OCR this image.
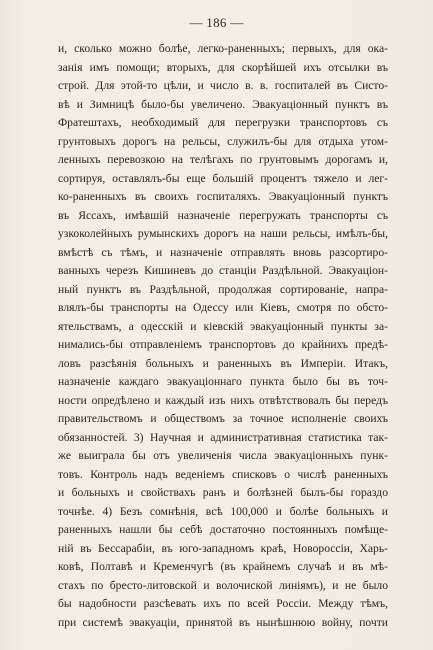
— 186 —
и, сколько можно болѣе, легко-раненныхъ; первыхъ, для ока-
занія имъ помощи; вторыхъ, для скорѣйшей ихъ отсылки въ
строй. Для этой-то цѣли, и число в. в. госпиталей въ Систо-
вѣ и Зимницѣ было-бы увеличено. Эвакуаціонный пунктъ въ
Фратештахъ, необходимый для перегрузки транспортовъ съ
грунтовыхъ дорогъ на рельсы, служилъ-бы для отдыха утом-
ленныхъ перевозкою на телѣгахъ по грунтовымъ дорогамъ и,
сортируя, оставлялъ-бы еще большій процентъ тяжело и лег-
ко-раненныхъ въ своихъ госпиталяхъ. Эвакуаціонный пунктъ
въ Яссахъ, имѣвшій назначеніе перегружать транспорты съ
узкоколейныхъ румынскихъ дорогъ на наши рельсы, имѣлъ-бы,
вмѣстѣ съ тѣмъ, и назначеніе отправлять вновь разсортиро-
ванныхъ черезъ Кишиневъ до станціи Раздѣльной. Эвакуаціон-
ный пунктъ въ Раздѣльной, продолжая сортированіе, напра-
влялъ-бы транспорты на Одессу или Кіевъ, смотря по обсто-
ятельствамъ, а одесскій и кіевскій эвакуаціонный пункты за-
нимались-бы отправленіемъ транспортовъ до крайнихъ предѣ-
ловъ разсѣянія больныхъ и раненныхъ въ Имперіи. Итакъ,
назначеніе каждаго эвакуаціоннаго пункта было бы въ точ-
ности опредѣлено и каждый изъ нихъ отвѣтствовалъ бы передъ
правительствомъ и обществомъ за точное исполненіе своихъ
обязанностей. 3) Научная и административная статистика так-
же выиграла бы отъ увеличенія числа эвакуаціонныхъ пунк-
товъ. Контроль надъ веденіемъ списковъ о числѣ раненныхъ
и больныхъ и свойствахъ ранъ и болѣзней былъ-бы гораздо
точнѣе. 4) Безъ сомнѣнія, всѣ 100,000 и болѣе больныхъ и
раненныхъ нашли бы себѣ достаточно постоянныхъ помѣще-
ній въ Бессарабіи, въ юго-западномъ краѣ, Новороссіи, Харь-
ковѣ, Полтавѣ и Кременчугѣ (въ крайнемъ случаѣ и въ мѣ-
стахъ по бресто-литовской и волочиской линіямъ), и не было
бы надобности разсѣевать ихъ по всей Россіи. Между тѣмъ,
при системѣ эвакуаціи, принятой въ нынѣшнюю войну, почти
